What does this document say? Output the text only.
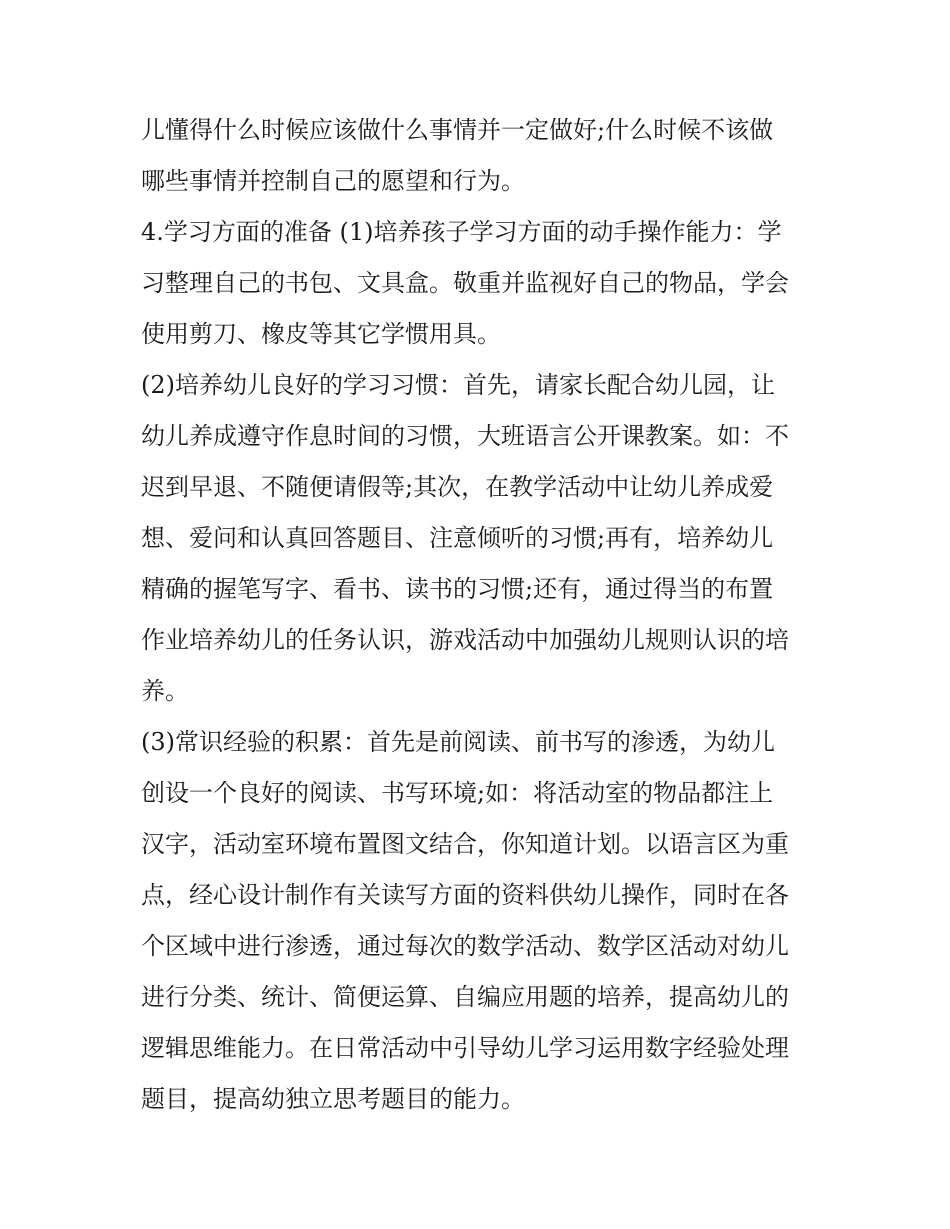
儿懂得什么时候应该做什么事情并一定做好;什么时候不该做
哪些事情并控制自己的愿望和行为。
4.学习方面的准备 (1)培养孩子学习方面的动手操作能力：学
习整理自己的书包、文具盒。敬重并监视好自己的物品，学会
使用剪刀、橡皮等其它学惯用具。
(2)培养幼儿良好的学习习惯：首先，请家长配合幼儿园，让
幼儿养成遵守作息时间的习惯，大班语言公开课教案。如：不
迟到早退、不随便请假等;其次，在教学活动中让幼儿养成爱
想、爱问和认真回答题目、注意倾听的习惯;再有，培养幼儿
精确的握笔写字、看书、读书的习惯;还有，通过得当的布置
作业培养幼儿的任务认识，游戏活动中加强幼儿规则认识的培
养。
(3)常识经验的积累：首先是前阅读、前书写的渗透，为幼儿
创设一个良好的阅读、书写环境;如：将活动室的物品都注上
汉字，活动室环境布置图文结合，你知道计划。以语言区为重
点，经心设计制作有关读写方面的资料供幼儿操作，同时在各
个区域中进行渗透，通过每次的数学活动、数学区活动对幼儿
进行分类、统计、简便运算、自编应用题的培养，提高幼儿的
逻辑思维能力。在日常活动中引导幼儿学习运用数字经验处理
题目，提高幼独立思考题目的能力。
